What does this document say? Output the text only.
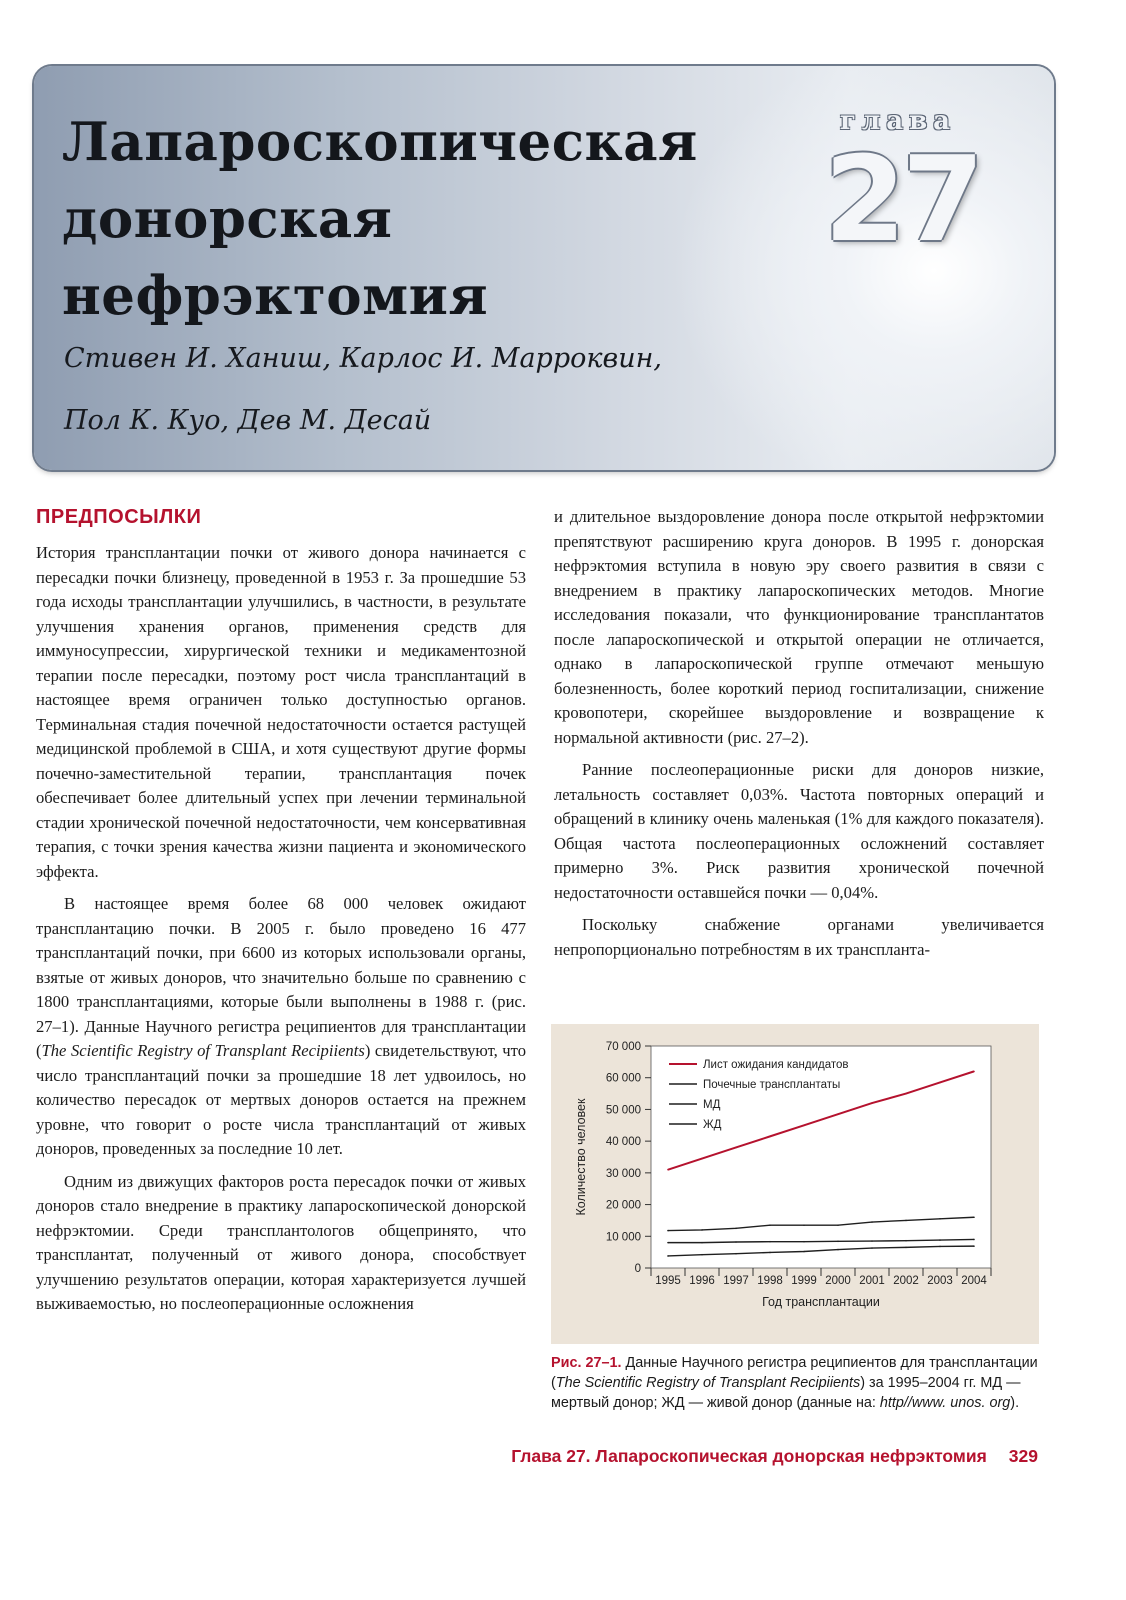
Лапароскопическая
донорская
нефрэктомия
Стивен И. Ханиш, Карлос И. Марроквин,
Пол К. Куо, Дев М. Десай
глава
27
ПРЕДПОСЫЛКИ

История трансплантации почки от живого донора начинается с пересадки почки близнецу, проведенной в 1953 г. За прошедшие 53 года исходы трансплантации улучшились, в частности, в результате улучшения хранения органов, применения средств для иммуносупрессии, хирургической техники и медикаментозной терапии после пересадки, поэтому рост числа трансплантаций в настоящее время ограничен только доступностью органов. Терминальная стадия почечной недостаточности остается растущей медицинской проблемой в США, и хотя существуют другие формы почечно-заместительной терапии, трансплантация почек обеспечивает более длительный успех при лечении терминальной стадии хронической почечной недостаточности, чем консервативная терапия, с точки зрения качества жизни пациента и экономического эффекта.

В настоящее время более 68 000 человек ожидают трансплантацию почки. В 2005 г. было проведено 16 477 трансплантаций почки, при 6600 из которых использовали органы, взятые от живых доноров, что значительно больше по сравнению с 1800 трансплантациями, которые были выполнены в 1988 г. (рис. 27–1). Данные Научного регистра реципиентов для трансплантации (The Scientific Registry of Transplant Recipiients) свидетельствуют, что число трансплантаций почки за прошедшие 18 лет удвоилось, но количество пересадок от мертвых доноров остается на прежнем уровне, что говорит о росте числа трансплантаций от живых доноров, проведенных за последние 10 лет.

Одним из движущих факторов роста пересадок почки от живых доноров стало внедрение в практику лапароскопической донорской нефрэктомии. Среди трансплантологов общепринято, что трансплантат, полученный от живого донора, способствует улучшению результатов операции, которая характеризуется лучшей выживаемостью, но послеоперационные осложнения

и длительное выздоровление донора после открытой нефрэктомии препятствуют расширению круга доноров. В 1995 г. донорская нефрэктомия вступила в новую эру своего развития в связи с внедрением в практику лапароскопических методов. Многие исследования показали, что функционирование трансплантатов после лапароскопической и открытой операции не отличается, однако в лапароскопической группе отмечают меньшую болезненность, более короткий период госпитализации, снижение кровопотери, скорейшее выздоровление и возвращение к нормальной активности (рис. 27–2).

Ранние послеоперационные риски для доноров низкие, летальность составляет 0,03%. Частота повторных операций и обращений в клинику очень маленькая (1% для каждого показателя). Общая частота послеоперационных осложнений составляет примерно 3%. Риск развития хронической почечной недостаточности оставшейся почки — 0,04%.

Поскольку снабжение органами увеличивается непропорционально потребностям в их транспланта-

0
10 000
20 000
30 000
40 000
50 000
60 000
70 000
1995 1996 1997 1998 1999 2000 2001 2002 2003 2004
Год трансплантации
Количество человек
Лист ожидания кандидатов
Почечные трансплантаты
МД
ЖД
Рис. 27–1. Данные Научного регистра реципиентов для трансплантации (The Scientific Registry of Transplant Recipiients) за 1995–2004 гг. МД — мертвый донор; ЖД — живой донор (данные на: http//www. unos. org).
Глава 27. Лапароскопическая донорская нефрэктомия 329
